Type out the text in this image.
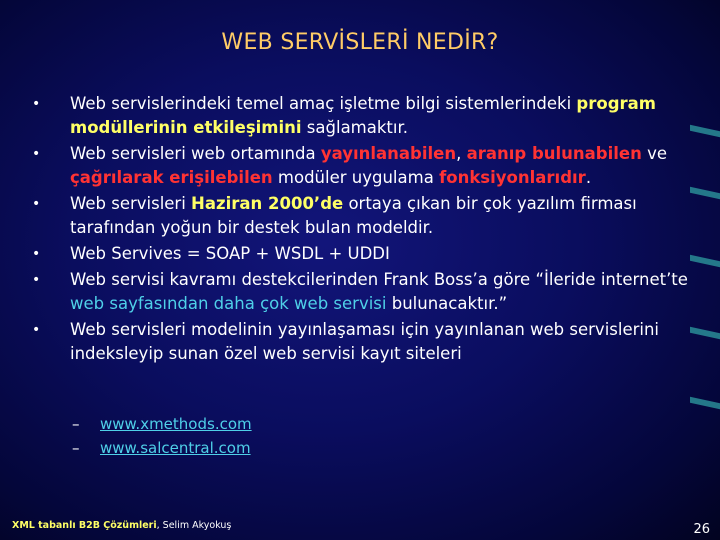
WEB SERVİSLERİ NEDİR?
• Web servislerindeki temel amaç işletme bilgi sistemlerindeki program modüllerinin etkileşimini sağlamaktır.
• Web servisleri web ortamında yayınlanabilen, aranıp bulunabilen ve çağrılarak erişilebilen modüler uygulama fonksiyonlarıdır.
• Web servisleri Haziran 2000’de ortaya çıkan bir çok yazılım firması tarafından yoğun bir destek bulan modeldir.
• Web Servives = SOAP + WSDL + UDDI
• Web servisi kavramı destekcilerinden Frank Boss’a göre “İleride internet’te web sayfasından daha çok web servisi bulunacaktır.”
• Web servisleri modelinin yayınlaşaması için yayınlanan web servislerini indeksleyip sunan özel web servisi kayıt siteleri
– www.xmethods.com
– www.salcentral.com
XML tabanlı B2B Çözümleri, Selim Akyokuş	26
